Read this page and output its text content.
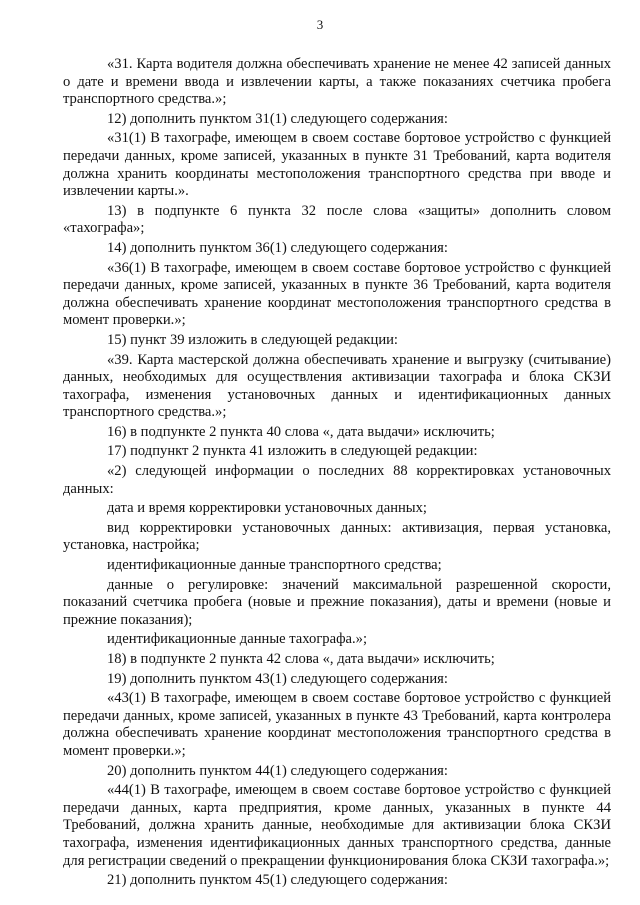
3

«31. Карта водителя должна обеспечивать хранение не менее 42 записей данных о дате и времени ввода и извлечении карты, а также показаниях счетчика пробега транспортного средства.»;

12) дополнить пунктом 31(1) следующего содержания:

«31(1) В тахографе, имеющем в своем составе бортовое устройство с функцией передачи данных, кроме записей, указанных в пункте 31 Требований, карта водителя должна хранить координаты местоположения транспортного средства при вводе и извлечении карты.».

13) в подпункте 6 пункта 32 после слова «защиты» дополнить словом «тахографа»;

14) дополнить пунктом 36(1) следующего содержания:

«36(1) В тахографе, имеющем в своем составе бортовое устройство с функцией передачи данных, кроме записей, указанных в пункте 36 Требований, карта водителя должна обеспечивать хранение координат местоположения транспортного средства в момент проверки.»;

15) пункт 39 изложить в следующей редакции:

«39. Карта мастерской должна обеспечивать хранение и выгрузку (считывание) данных, необходимых для осуществления активизации тахографа и блока СКЗИ тахографа, изменения установочных данных и идентификационных данных транспортного средства.»;

16) в подпункте 2 пункта 40 слова «, дата выдачи» исключить;

17) подпункт 2 пункта 41 изложить в следующей редакции:

«2) следующей информации о последних 88 корректировках установочных данных:

дата и время корректировки установочных данных;

вид корректировки установочных данных: активизация, первая установка, установка, настройка;

идентификационные данные транспортного средства;

данные о регулировке: значений максимальной разрешенной скорости, показаний счетчика пробега (новые и прежние показания), даты и времени (новые и прежние показания);

идентификационные данные тахографа.»;

18) в подпункте 2 пункта 42 слова «, дата выдачи» исключить;

19) дополнить пунктом 43(1) следующего содержания:

«43(1) В тахографе, имеющем в своем составе бортовое устройство с функцией передачи данных, кроме записей, указанных в пункте 43 Требований, карта контролера должна обеспечивать хранение координат местоположения транспортного средства в момент проверки.»;

20) дополнить пунктом 44(1) следующего содержания:

«44(1) В тахографе, имеющем в своем составе бортовое устройство с функцией передачи данных, карта предприятия, кроме данных, указанных в пункте 44 Требований, должна хранить данные, необходимые для активизации блока СКЗИ тахографа, изменения идентификационных данных транспортного средства, данные для регистрации сведений о прекращении функционирования блока СКЗИ тахографа.»;

21) дополнить пунктом 45(1) следующего содержания:
